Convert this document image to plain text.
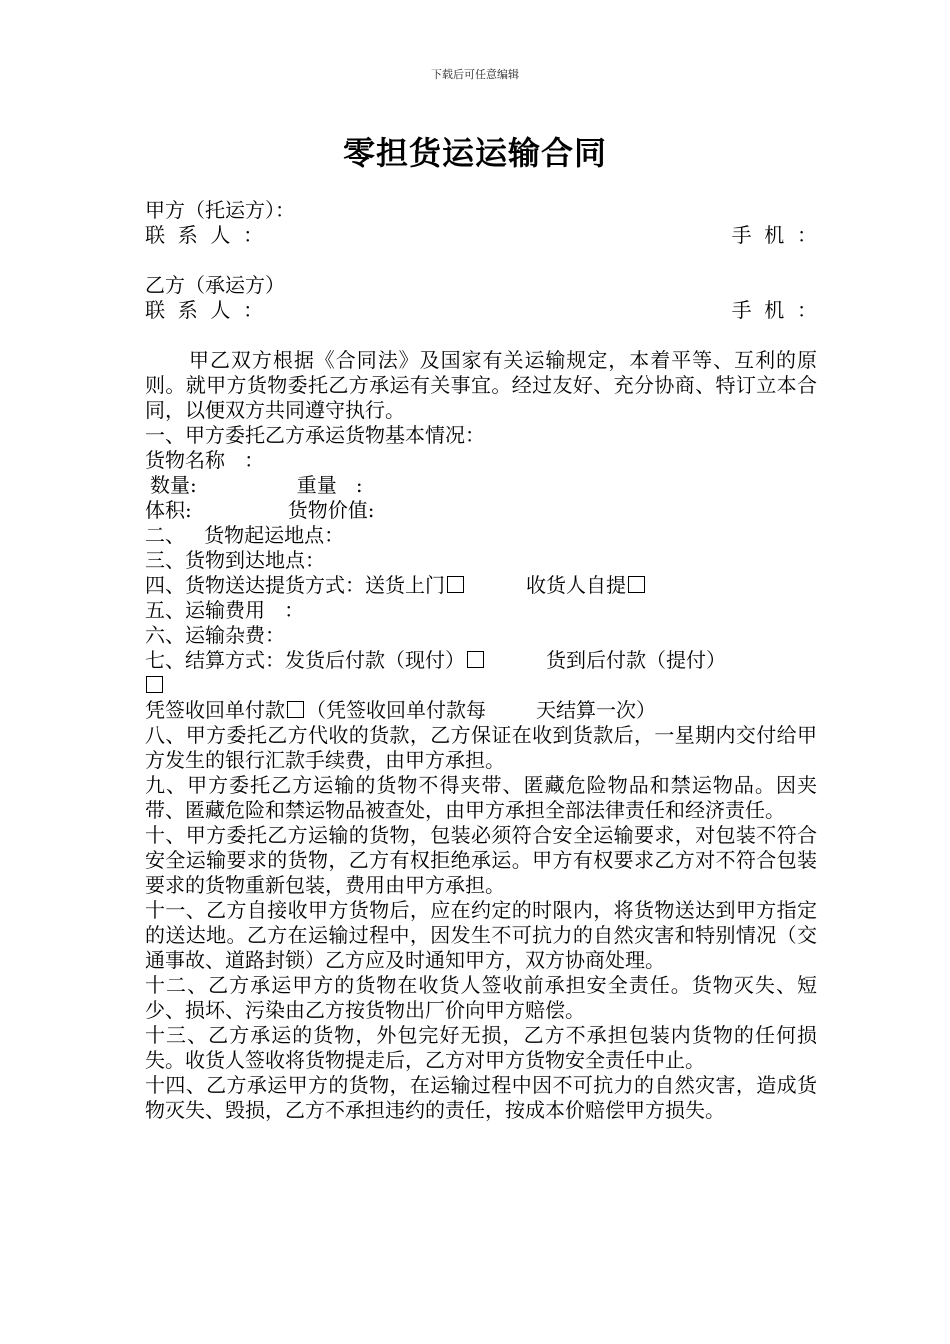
下载后可任意编辑
零担货运运输合同
甲方（托运方）：
联  系  人  ：	手  机  ：
乙方（承运方）
联  系  人  ：	手  机  ：
甲乙双方根据《合同法》及国家有关运输规定，本着平等、互利的原则。就甲方货物委托乙方承运有关事宜。经过友好、充分协商、特订立本合同，以便双方共同遵守执行。
一、甲方委托乙方承运货物基本情况：
货物名称   ：
数量:	重量   :
体积:	货物价值:
二、   货物起运地点：
三、货物到达地点：
四、货物送达提货方式：送货上门	收货人自提
五、运输费用   ：
六、运输杂费：
七、结算方式：发货后付款（现付）	货到后付款（提付）
凭签收回单付款 （凭签收回单付款每	天结算一次）
八、甲方委托乙方代收的货款，乙方保证在收到货款后，一星期内交付给甲方发生的银行汇款手续费，由甲方承担。
九、甲方委托乙方运输的货物不得夹带、匿藏危险物品和禁运物品。因夹带、匿藏危险和禁运物品被查处，由甲方承担全部法律责任和经济责任。
十、甲方委托乙方运输的货物，包装必须符合安全运输要求，对包装不符合安全运输要求的货物，乙方有权拒绝承运。甲方有权要求乙方对不符合包装要求的货物重新包装，费用由甲方承担。
十一、乙方自接收甲方货物后，应在约定的时限内，将货物送达到甲方指定的送达地。乙方在运输过程中，因发生不可抗力的自然灾害和特别情况（交通事故、道路封锁）乙方应及时通知甲方，双方协商处理。
十二、乙方承运甲方的货物在收货人签收前承担安全责任。货物灭失、短少、损坏、污染由乙方按货物出厂价向甲方赔偿。
十三、乙方承运的货物，外包完好无损，乙方不承担包装内货物的任何损失。收货人签收将货物提走后，乙方对甲方货物安全责任中止。
十四、乙方承运甲方的货物，在运输过程中因不可抗力的自然灾害，造成货物灭失、毁损，乙方不承担违约的责任，按成本价赔偿甲方损失。
